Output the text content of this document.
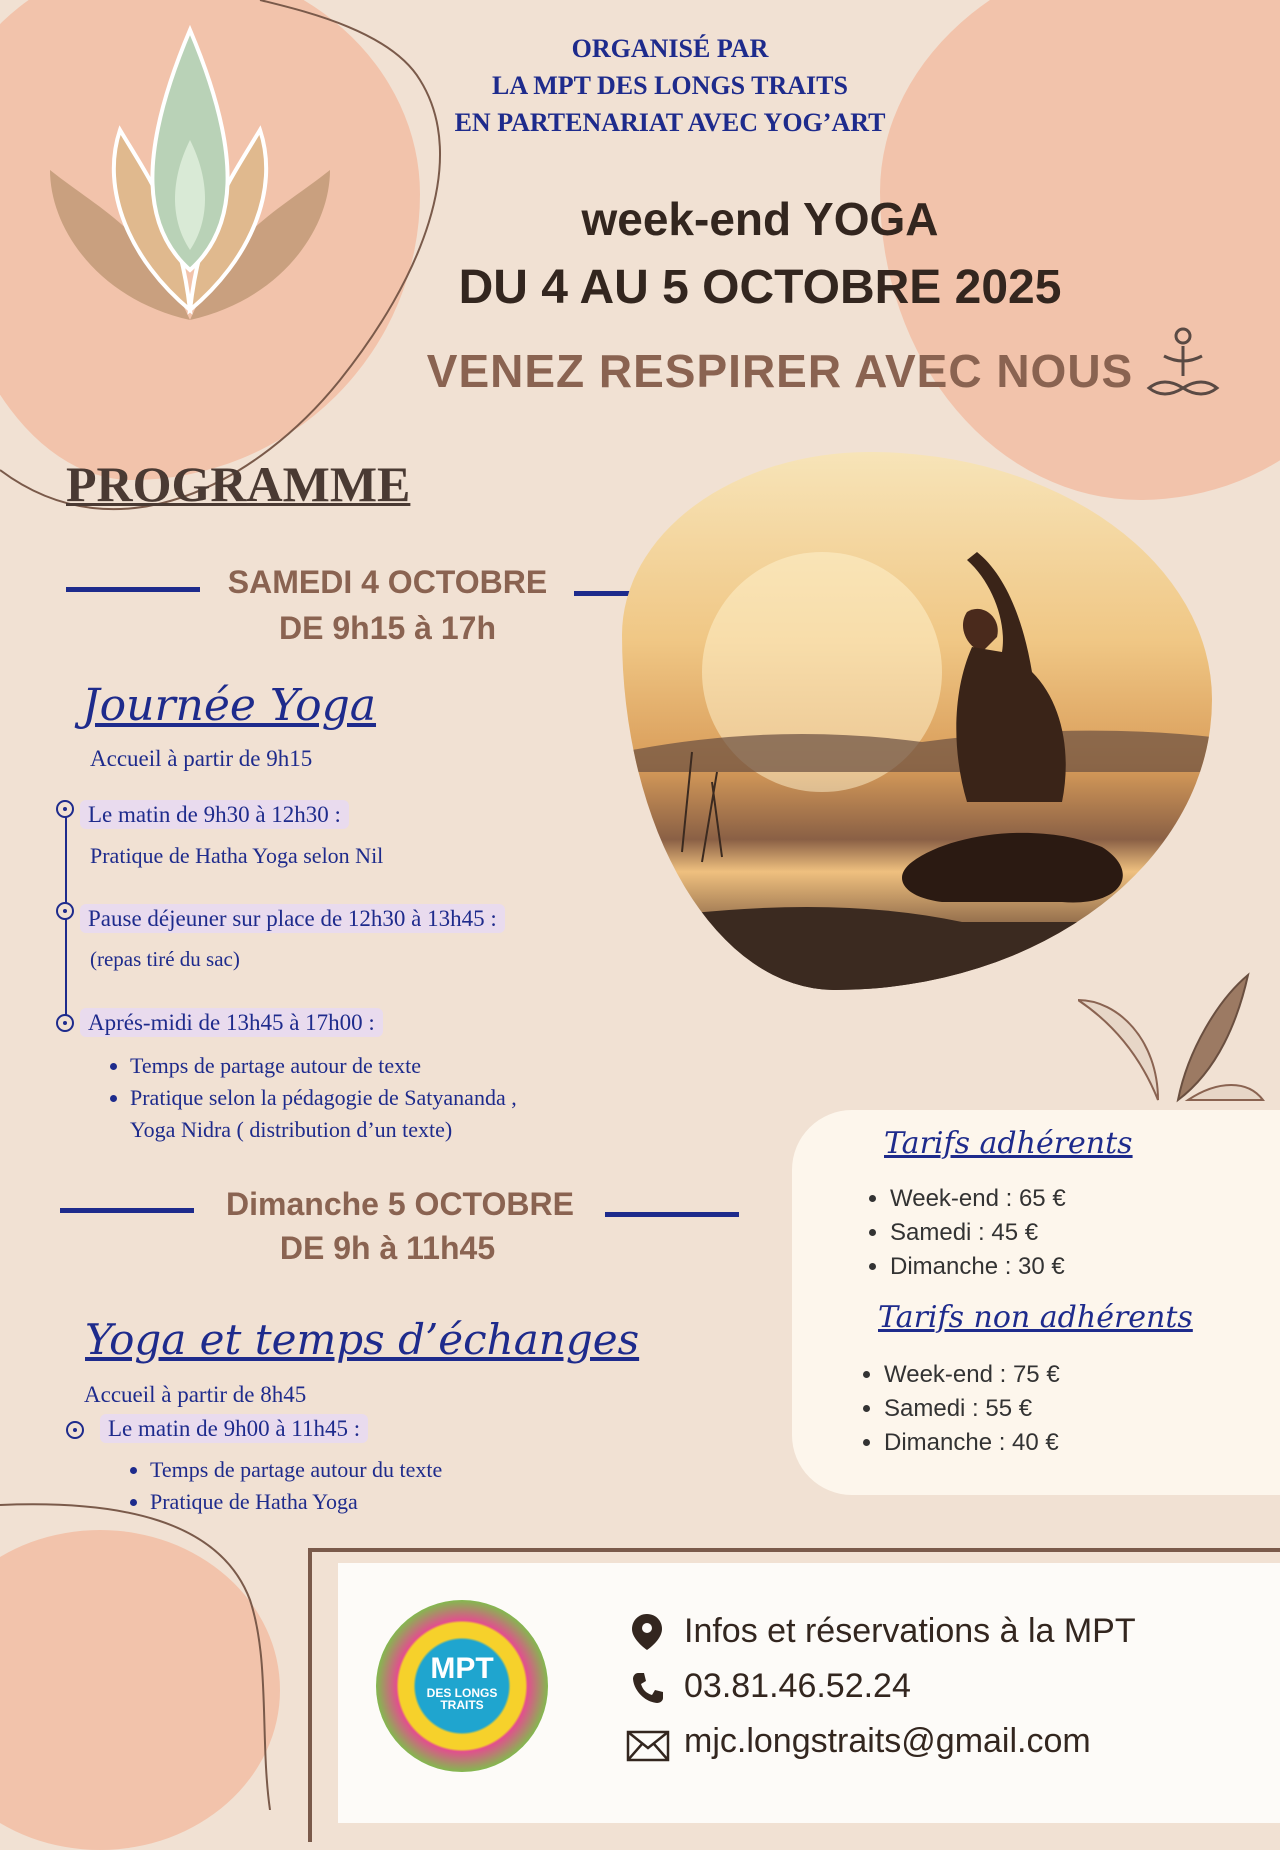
ORGANISÉ PAR
LA MPT DES LONGS TRAITS
EN PARTENARIAT AVEC YOG’ART
week-end YOGA
DU 4 AU 5 OCTOBRE 2025
VENEZ RESPIRER AVEC NOUS
PROGRAMME
SAMEDI 4 OCTOBRE
DE 9h15 à 17h
Journée Yoga
Accueil à partir de 9h15
Le matin de 9h30 à 12h30 :
Pratique de Hatha Yoga selon Nil
Pause déjeuner sur place de 12h30 à 13h45 :
(repas tiré du sac)
Aprés-midi de 13h45 à 17h00 :
• Temps de partage autour de texte
• Pratique selon la pédagogie de Satyananda ,
Yoga Nidra ( distribution d’un texte)
Dimanche 5 OCTOBRE
DE 9h à 11h45
Yoga et temps d’échanges
Accueil à partir de 8h45
Le matin de 9h00 à 11h45 :
• Temps de partage autour du texte
• Pratique de Hatha Yoga
Tarifs adhérents
• Week-end : 65 €
• Samedi : 45 €
• Dimanche : 30 €
Tarifs non adhérents
• Week-end : 75 €
• Samedi : 55 €
• Dimanche : 40 €
MPT
DES LONGS
TRAITS
Infos et réservations à la MPT
03.81.46.52.24
mjc.longstraits@gmail.com
